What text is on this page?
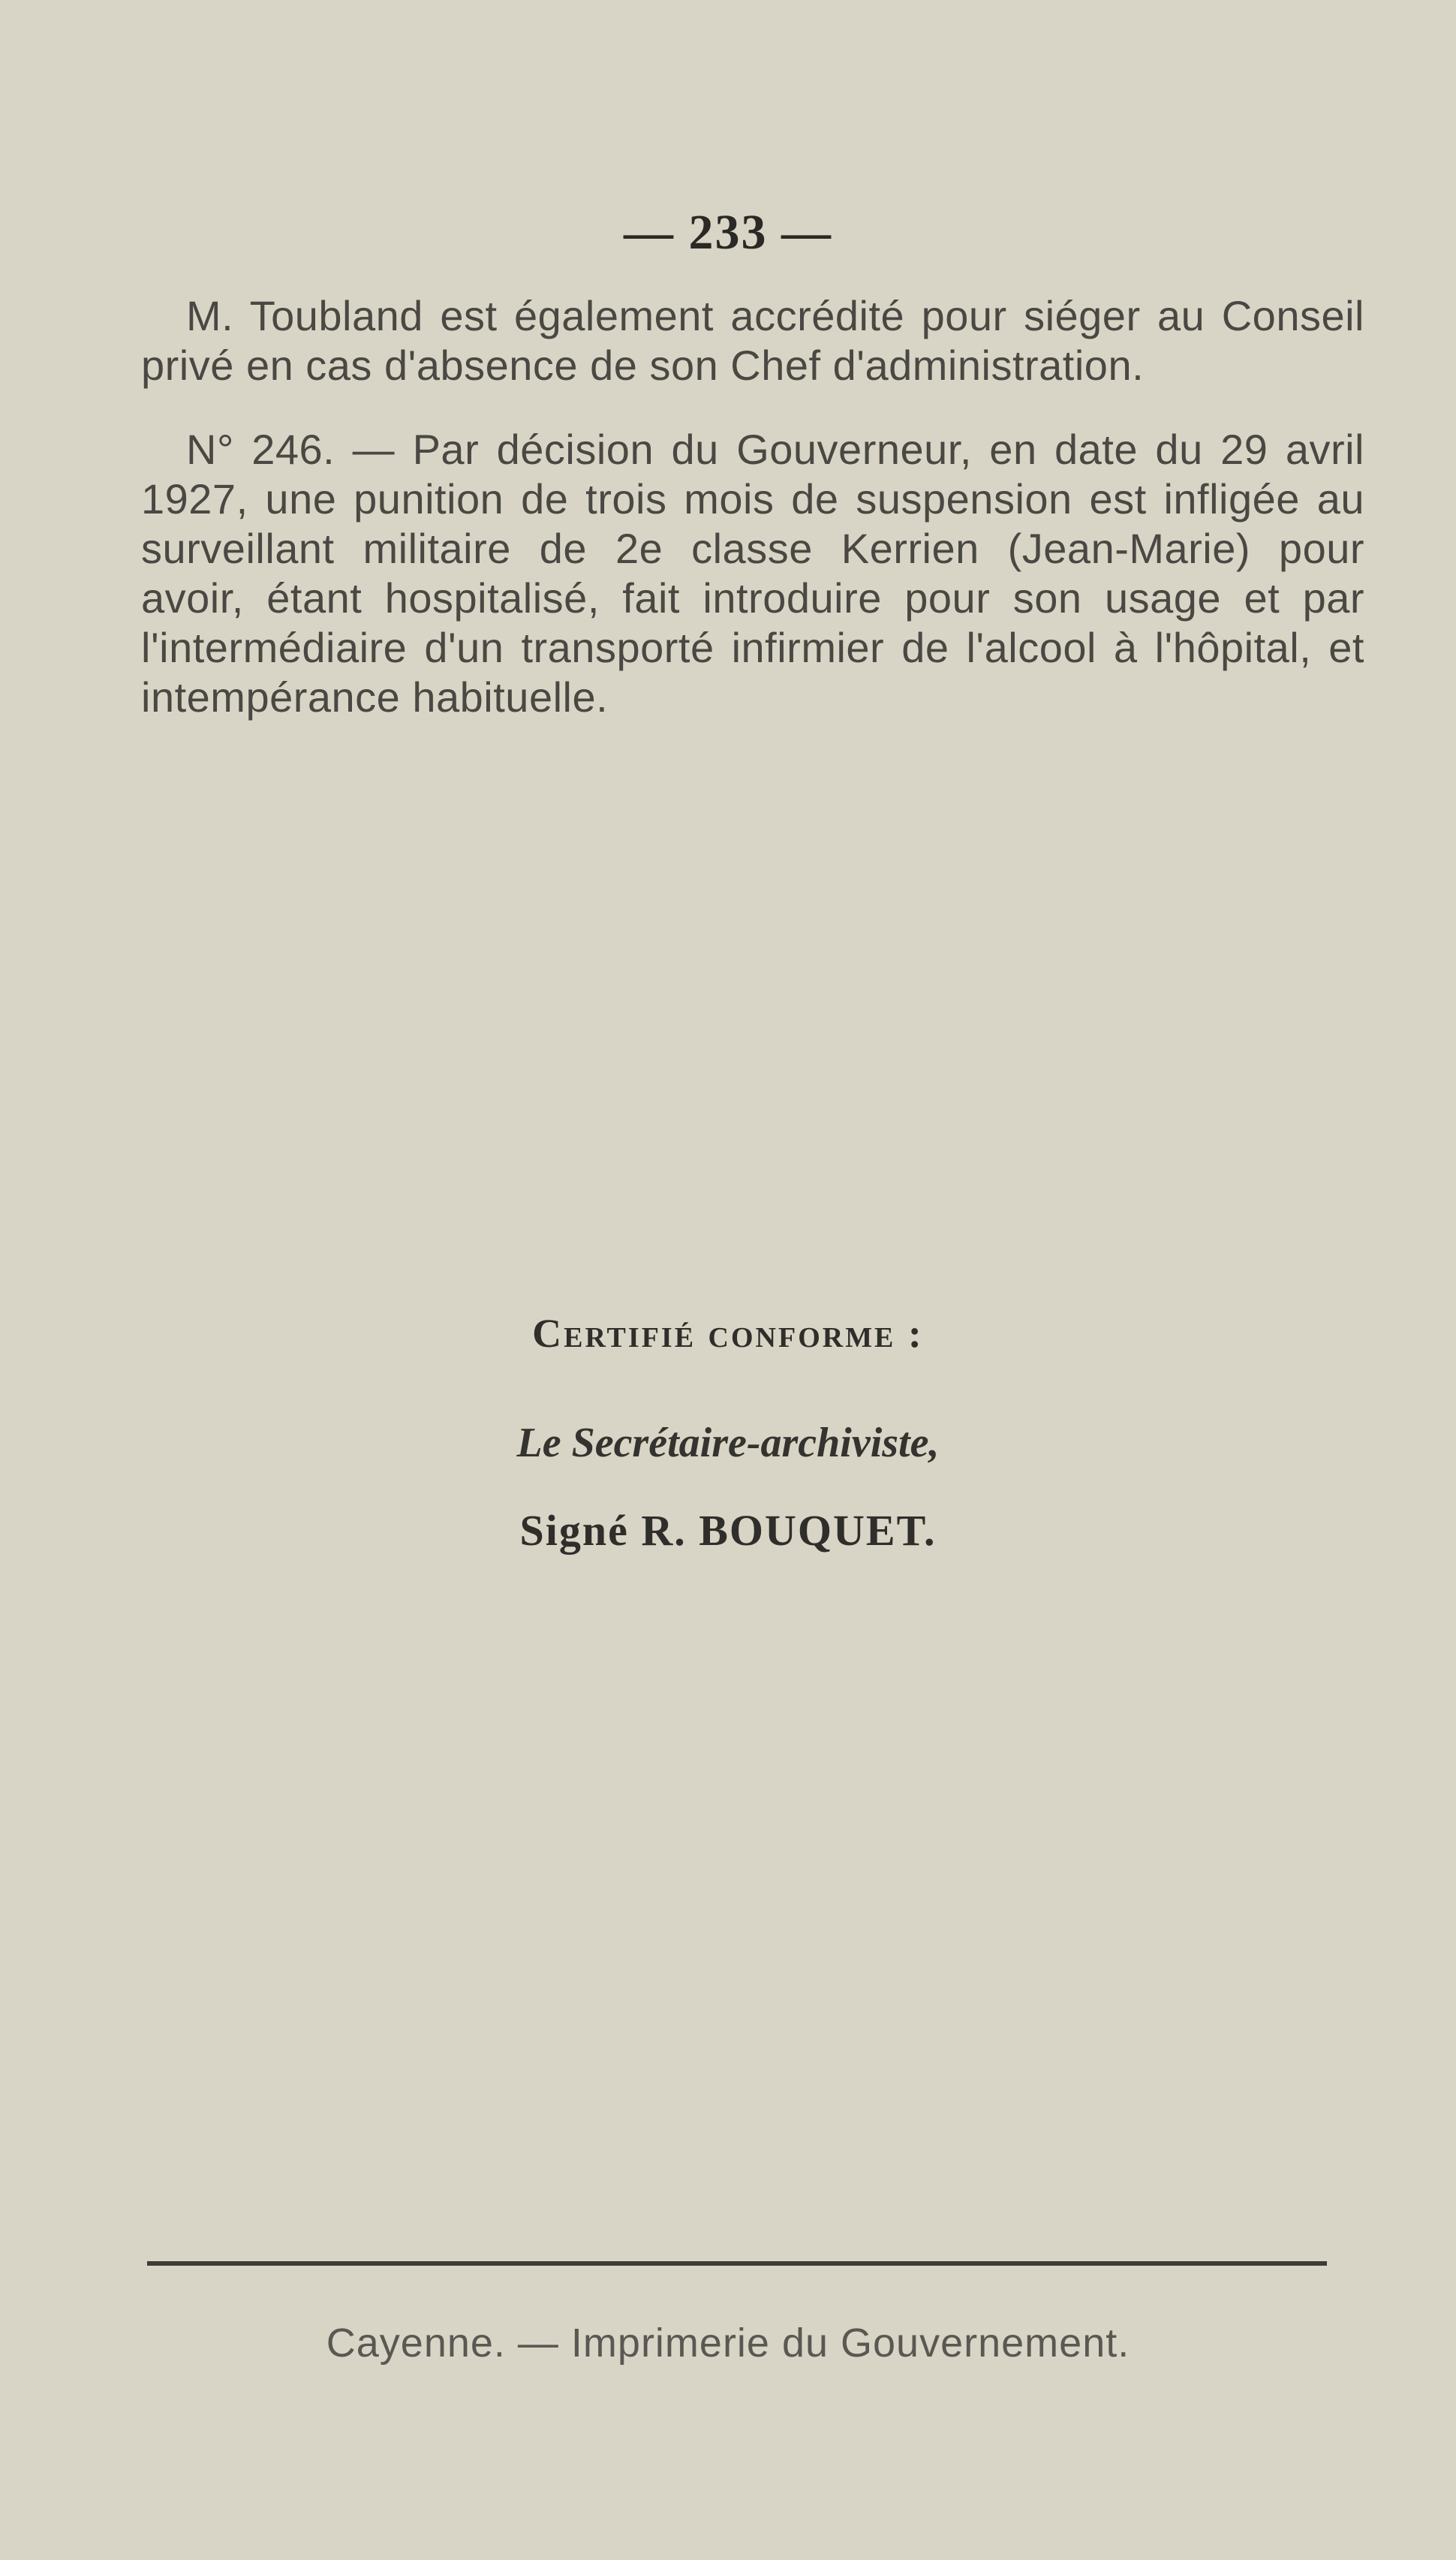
— 233 —
M. Toubland est également accrédité pour siéger au Conseil privé en cas d'absence de son Chef d'administration.
N° 246. — Par décision du Gouverneur, en date du 29 avril 1927, une punition de trois mois de suspension est infligée au surveillant militaire de 2e classe Kerrien (Jean-Marie) pour avoir, étant hospitalisé, fait introduire pour son usage et par l'intermédiaire d'un transporté infirmier de l'alcool à l'hôpital, et intempérance habituelle.
Certifié conforme :
Le Secrétaire-archiviste,
Signé R. BOUQUET.
Cayenne. — Imprimerie du Gouvernement.
